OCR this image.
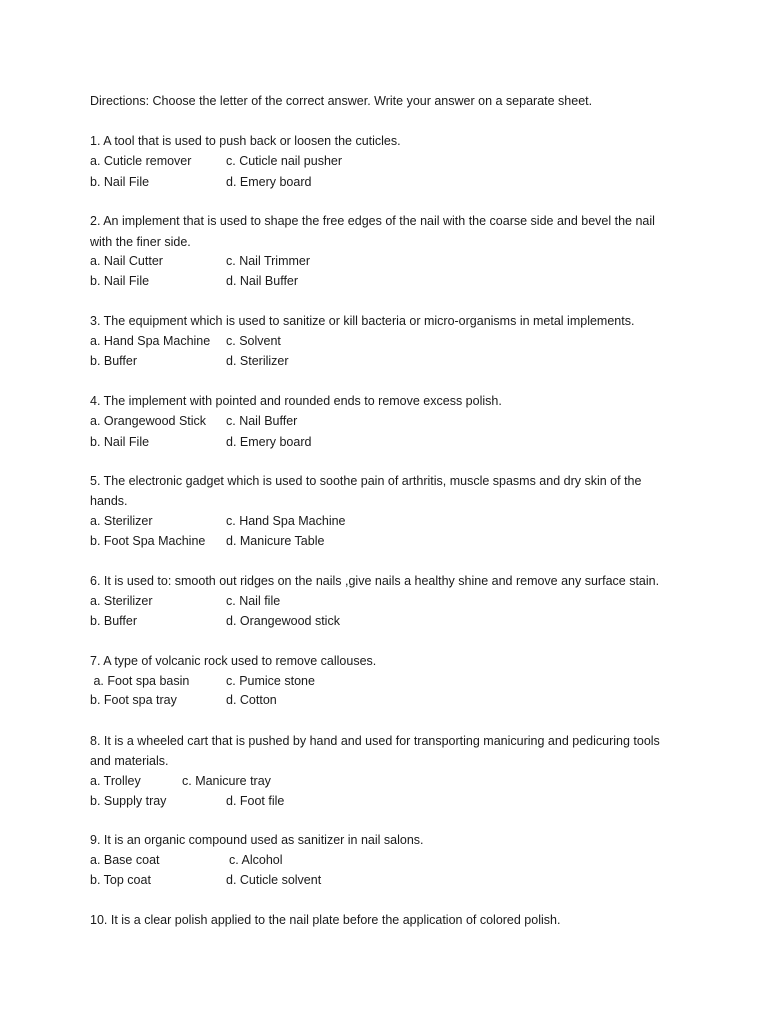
Directions: Choose the letter of the correct answer. Write your answer on a separate sheet.
1. A tool that is used to push back or loosen the cuticles.
a. Cuticle remover	c. Cuticle nail pusher
b. Nail File	d. Emery board
2. An implement that is used to shape the free edges of the nail with the coarse side and bevel the nail
with the finer side.
a. Nail Cutter	c. Nail Trimmer
b. Nail File	d. Nail Buffer
3. The equipment which is used to sanitize or kill bacteria or micro-organisms in metal implements.
a. Hand Spa Machine c. Solvent
b. Buffer	d. Sterilizer
4. The implement with pointed and rounded ends to remove excess polish.
a. Orangewood Stick c. Nail Buffer
b. Nail File	d. Emery board
5. The electronic gadget which is used to soothe pain of arthritis, muscle spasms and dry skin of the
hands.
a. Sterilizer	c. Hand Spa Machine
b. Foot Spa Machine d. Manicure Table
6. It is used to: smooth out ridges on the nails ,give nails a healthy shine and remove any surface stain.
a. Sterilizer	c. Nail file
b. Buffer	d. Orangewood stick
7. A type of volcanic rock used to remove callouses.
a. Foot spa basin	c. Pumice stone
b. Foot spa tray	d. Cotton
8. It is a wheeled cart that is pushed by hand and used for transporting manicuring and pedicuring tools
and materials.
a. Trolley	c. Manicure tray
b. Supply tray	d. Foot file
9. It is an organic compound used as sanitizer in nail salons.
a. Base coat	c. Alcohol
b. Top coat	d. Cuticle solvent
10. It is a clear polish applied to the nail plate before the application of colored polish.
